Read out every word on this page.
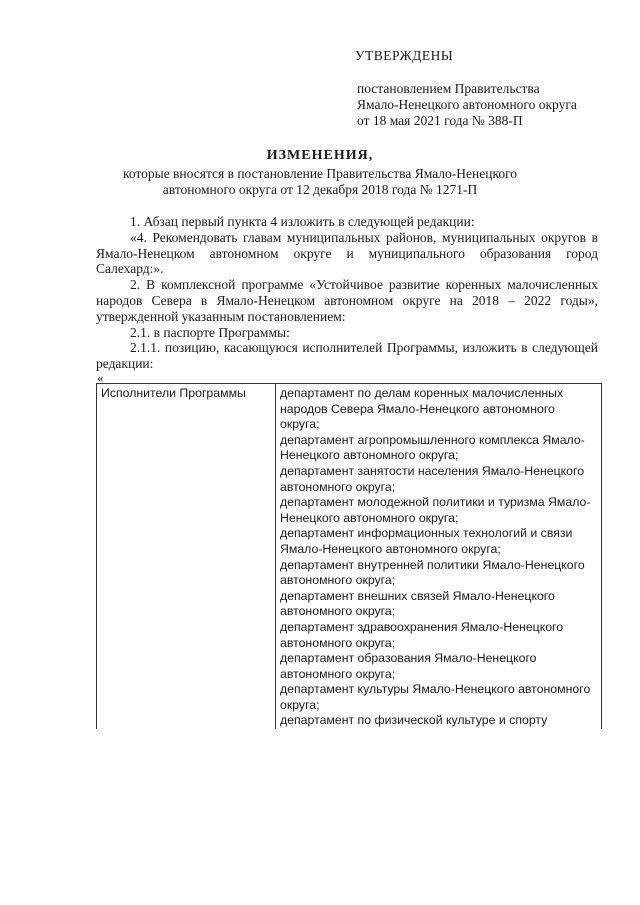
УТВЕРЖДЕНЫ
постановлением Правительства
Ямало-Ненецкого автономного округа
от 18 мая 2021 года № 388-П
ИЗМЕНЕНИЯ,
которые вносятся в постановление Правительства Ямало-Ненецкого
автономного округа от 12 декабря 2018 года № 1271-П

1. Абзац первый пункта 4 изложить в следующей редакции:

«4. Рекомендовать главам муниципальных районов, муниципальных округов в Ямало-Ненецком автономном округе и муниципального образования город Салехард:».

2. В комплексной программе «Устойчивое развитие коренных малочисленных народов Севера в Ямало-Ненецком автономном округе на 2018 – 2022 годы», утвержденной указанным постановлением:

2.1. в паспорте Программы:

2.1.1. позицию, касающуюся исполнителей Программы, изложить в следующей редакции:

«
Исполнители Программы	департамент по делам коренных малочисленных народов Севера Ямало-Ненецкого автономного округа;
департамент агропромышленного комплекса Ямало-Ненецкого автономного округа;
департамент занятости населения Ямало-Ненецкого автономного округа;
департамент молодежной политики и туризма Ямало-Ненецкого автономного округа;
департамент информационных технологий и связи Ямало-Ненецкого автономного округа;
департамент внутренней политики Ямало-Ненецкого автономного округа;
департамент внешних связей Ямало-Ненецкого автономного округа;
департамент здравоохранения Ямало-Ненецкого автономного округа;
департамент образования Ямало-Ненецкого автономного округа;
департамент культуры Ямало-Ненецкого автономного округа;
департамент по физической культуре и спорту
